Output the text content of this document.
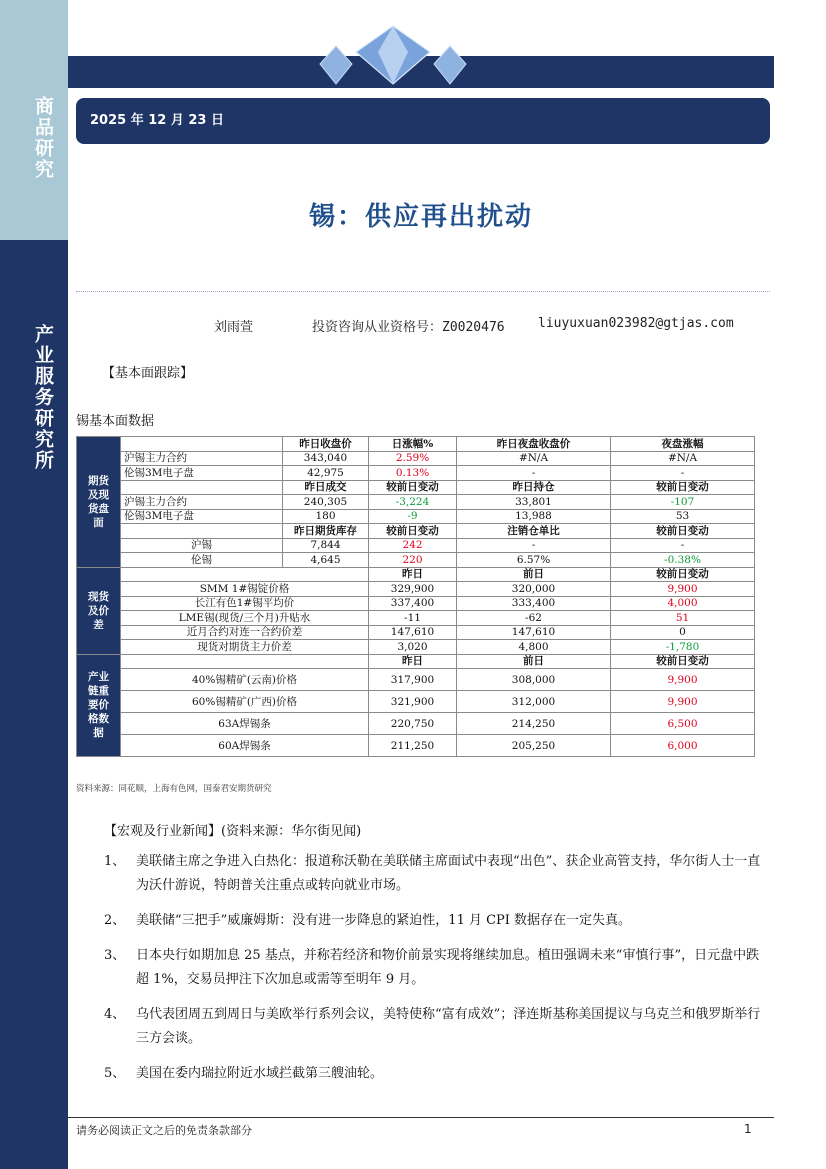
商品研究
产业服务研究所
2025 年 12 月 23 日
锡：供应再出扰动
刘雨萱	投资咨询从业资格号：Z0020476	liuyuxuan023982@gtjas.com
【基本面跟踪】
锡基本面数据
期货及现货盘面		昨日收盘价	日涨幅%	昨日夜盘收盘价	夜盘涨幅
	沪锡主力合约	343,040	2.59%	#N/A	#N/A
	伦锡3M电子盘	42,975	0.13%	-	-
		昨日成交	较前日变动	昨日持仓	较前日变动
	沪锡主力合约	240,305	-3,224	33,801	-107
	伦锡3M电子盘	180	-9	13,988	53
		昨日期货库存	较前日变动	注销仓单比	较前日变动
	沪锡	7,844	242	-	-
	伦锡	4,645	220	6.57%	-0.38%
现货及价差			昨日	前日	较前日变动
	SMM 1#锡锭价格		329,900	320,000	9,900
	长江有色1#锡平均价		337,400	333,400	4,000
	LME锡(现货/三个月)升贴水		-11	-62	51
	近月合约对连一合约价差		147,610	147,610	0
	现货对期货主力价差		3,020	4,800	-1,780
产业链重要价格数据			昨日	前日	较前日变动
	40%锡精矿(云南)价格		317,900	308,000	9,900
	60%锡精矿(广西)价格		321,900	312,000	9,900
	63A焊锡条		220,750	214,250	6,500
	60A焊锡条		211,250	205,250	6,000
资料来源：同花顺，上海有色网，国泰君安期货研究
【宏观及行业新闻】(资料来源：华尔街见闻)
1、 美联储主席之争进入白热化：报道称沃勒在美联储主席面试中表现“出色”、获企业高管支持，华尔街人士一直为沃什游说，特朗普关注重点或转向就业市场。
2、 美联储“三把手”威廉姆斯：没有进一步降息的紧迫性，11 月 CPI 数据存在一定失真。
3、 日本央行如期加息 25 基点，并称若经济和物价前景实现将继续加息。植田强调未来“审慎行事”，日元盘中跌超 1%，交易员押注下次加息或需等至明年 9 月。
4、 乌代表团周五到周日与美欧举行系列会议，美特使称“富有成效”；泽连斯基称美国提议与乌克兰和俄罗斯举行三方会谈。
5、 美国在委内瑞拉附近水域拦截第三艘油轮。
请务必阅读正文之后的免责条款部分	1
